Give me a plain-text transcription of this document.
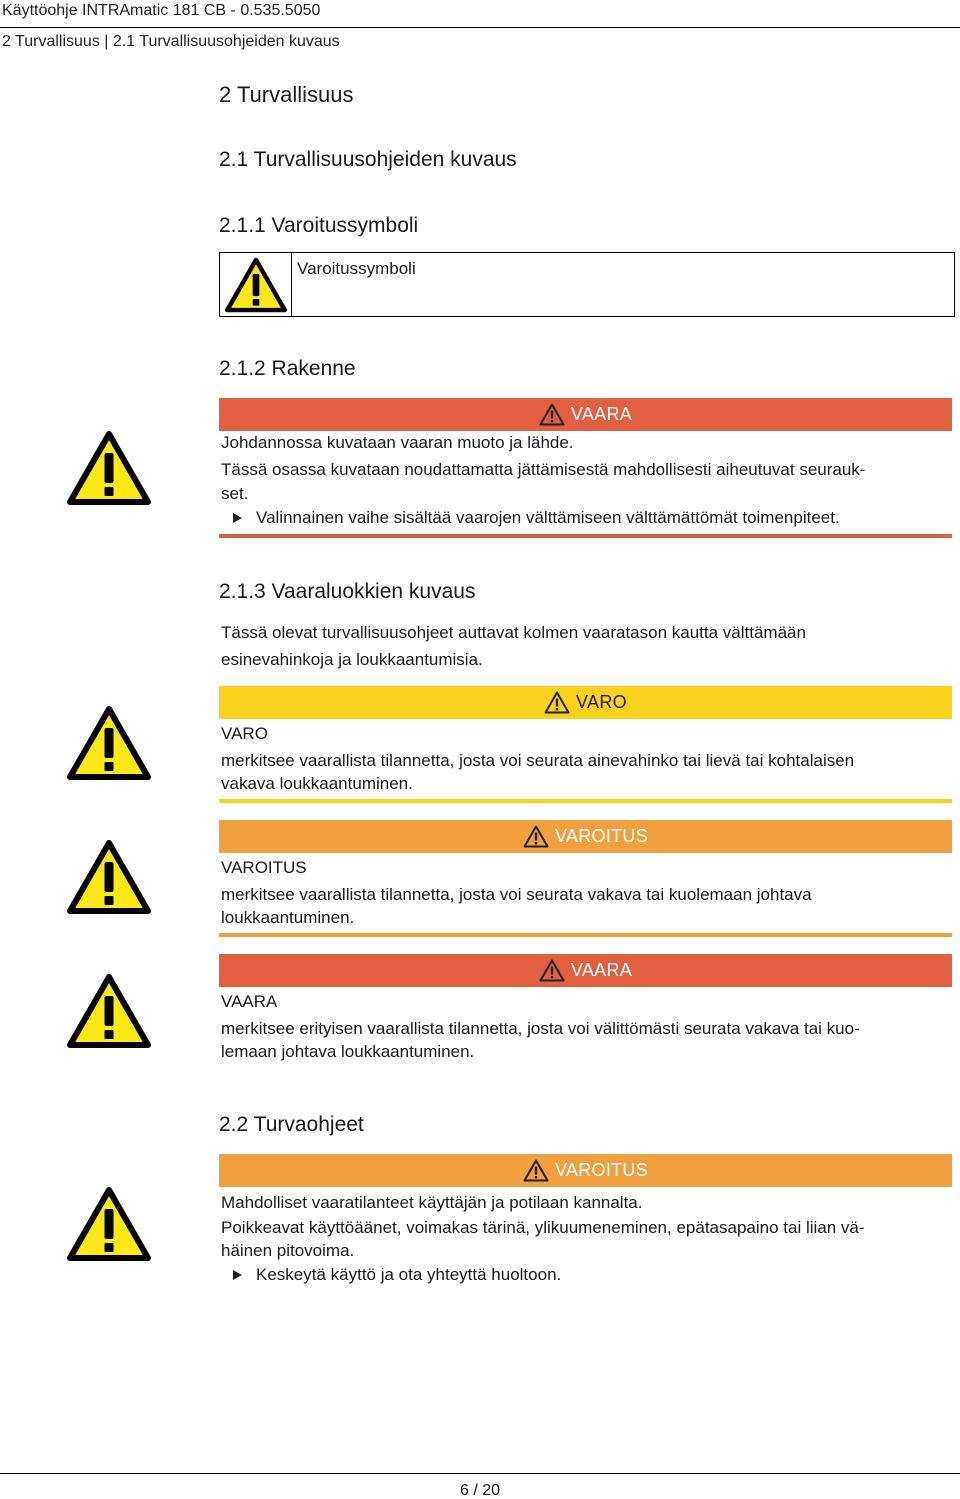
Käyttöohje INTRAmatic 181 CB - 0.535.5050
2 Turvallisuus | 2.1 Turvallisuusohjeiden kuvaus
2 Turvallisuus
2.1 Turvallisuusohjeiden kuvaus
2.1.1 Varoitussymboli
Varoitussymboli
2.1.2 Rakenne
VAARA
Johdannossa kuvataan vaaran muoto ja lähde.
Tässä osassa kuvataan noudattamatta jättämisestä mahdollisesti aiheutuvat seurauk-
set.
Valinnainen vaihe sisältää vaarojen välttämiseen välttämättömät toimenpiteet.
2.1.3 Vaaraluokkien kuvaus
Tässä olevat turvallisuusohjeet auttavat kolmen vaaratason kautta välttämään
esinevahinkoja ja loukkaantumisia.
VARO
VARO
merkitsee vaarallista tilannetta, josta voi seurata ainevahinko tai lievä tai kohtalaisen
vakava loukkaantuminen.
VAROITUS
VAROITUS
merkitsee vaarallista tilannetta, josta voi seurata vakava tai kuolemaan johtava
loukkaantuminen.
VAARA
VAARA
merkitsee erityisen vaarallista tilannetta, josta voi välittömästi seurata vakava tai kuo-
lemaan johtava loukkaantuminen.
2.2 Turvaohjeet
VAROITUS
Mahdolliset vaaratilanteet käyttäjän ja potilaan kannalta.
Poikkeavat käyttöäänet, voimakas tärinä, ylikuumeneminen, epätasapaino tai liian vä-
häinen pitovoima.
Keskeytä käyttö ja ota yhteyttä huoltoon.
6 / 20
